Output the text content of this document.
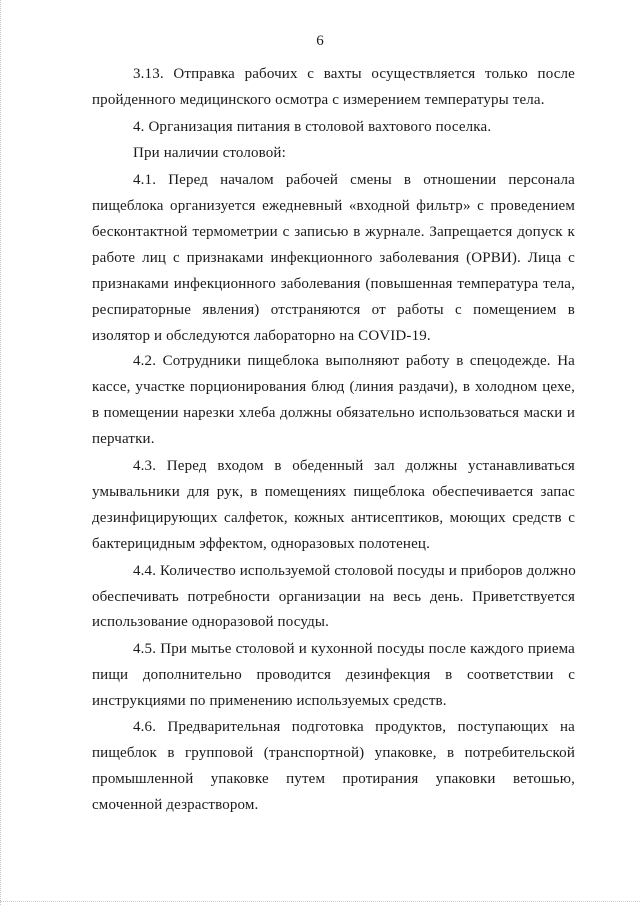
6
3.13. Отправка рабочих с вахты осуществляется только после
пройденного медицинского осмотра с измерением температуры тела.
4. Организация питания в столовой вахтового поселка.
При наличии столовой:
4.1. Перед началом рабочей смены в отношении персонала
пищеблока организуется ежедневный «входной фильтр» с проведением
бесконтактной термометрии с записью в журнале. Запрещается допуск к
работе лиц с признаками инфекционного заболевания (ОРВИ). Лица с
признаками инфекционного заболевания (повышенная температура тела,
респираторные явления) отстраняются от работы с помещением в
изолятор и обследуются лабораторно на COVID-19.
4.2. Сотрудники пищеблока выполняют работу в спецодежде. На
кассе, участке порционирования блюд (линия раздачи), в холодном цехе,
в помещении нарезки хлеба должны обязательно использоваться маски и
перчатки.
4.3. Перед входом в обеденный зал должны устанавливаться
умывальники для рук, в помещениях пищеблока обеспечивается запас
дезинфицирующих салфеток, кожных антисептиков, моющих средств с
бактерицидным эффектом, одноразовых полотенец.
4.4. Количество используемой столовой посуды и приборов должно
обеспечивать потребности организации на весь день. Приветствуется
использование одноразовой посуды.
4.5. При мытье столовой и кухонной посуды после каждого приема
пищи дополнительно проводится дезинфекция в соответствии с
инструкциями по применению используемых средств.
4.6. Предварительная подготовка продуктов, поступающих на
пищеблок в групповой (транспортной) упаковке, в потребительской
промышленной упаковке путем протирания упаковки ветошью,
смоченной дезраствором.
